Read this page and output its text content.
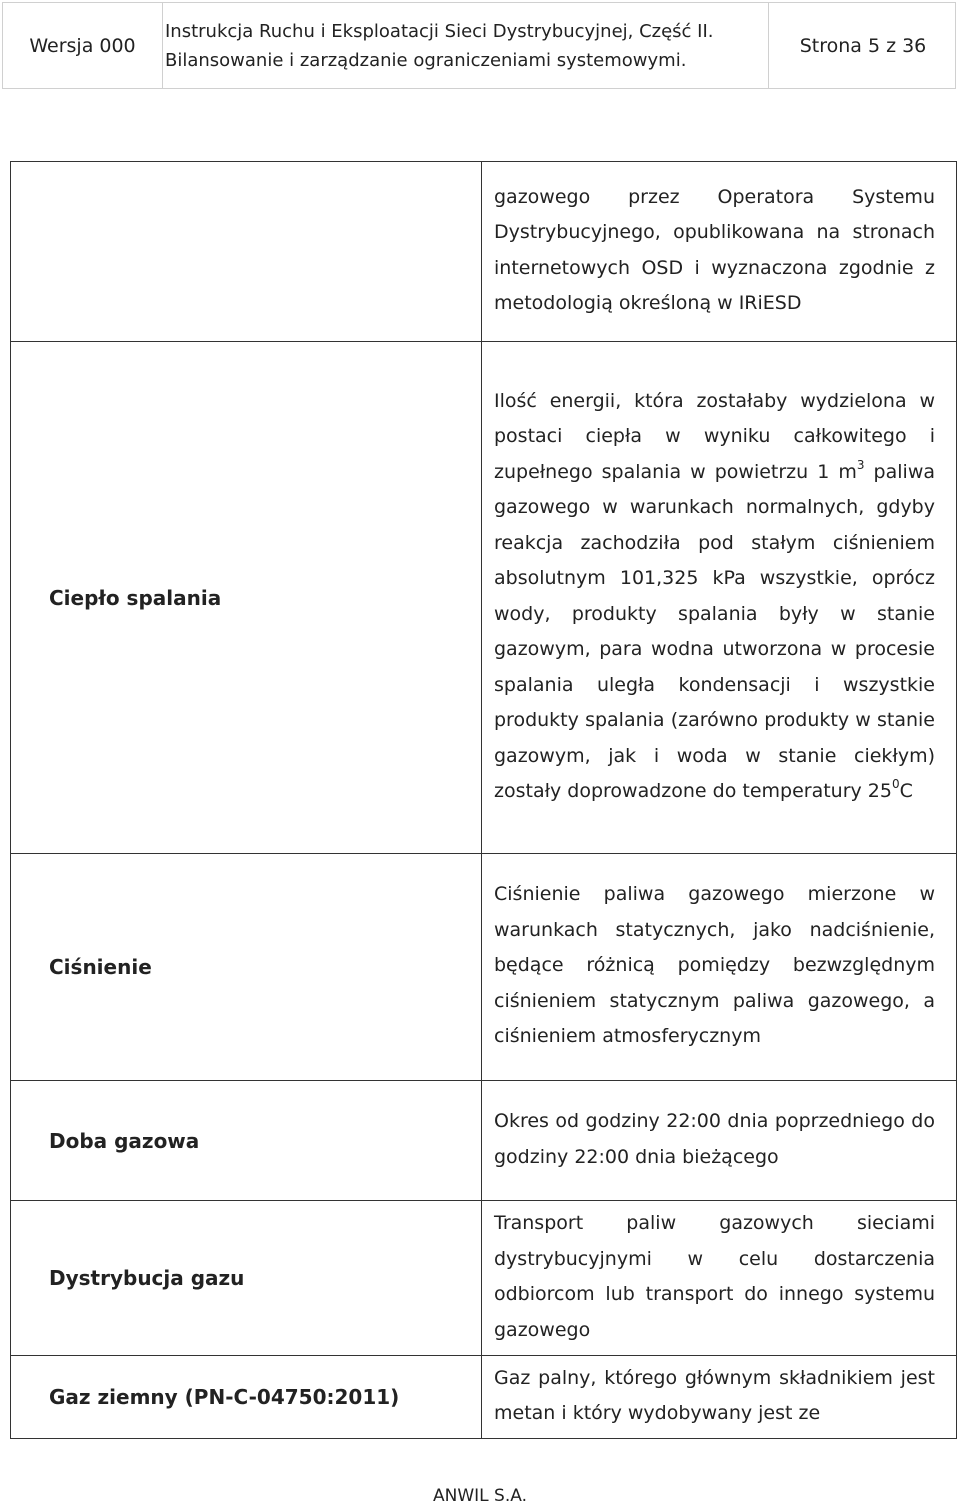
Wersja 000
Instrukcja Ruchu i Eksploatacji Sieci Dystrybucyjnej, Część II.
Bilansowanie i zarządzanie ograniczeniami systemowymi.
Strona 5 z 36

	gazowego przez Operatora Systemu Dystrybucyjnego, opublikowana na stronach internetowych OSD i wyznaczona zgodnie z metodologią określoną w IRiESD

Ciepło spalania	Ilość energii, która zostałaby wydzielona w postaci ciepła w wyniku całkowitego i zupełnego spalania w powietrzu 1 $m^3$ paliwa gazowego w warunkach normalnych, gdyby reakcja zachodziła pod stałym ciśnieniem absolutnym 101,325 kPa wszystkie, oprócz wody, produkty spalania były w stanie gazowym, para wodna utworzona w procesie spalania uległa kondensacji i wszystkie produkty spalania (zarówno produkty w stanie gazowym, jak i woda w stanie ciekłym) zostały doprowadzone do temperatury $25^0C$

Ciśnienie	Ciśnienie paliwa gazowego mierzone w warunkach statycznych, jako nadciśnienie, będące różnicą pomiędzy bezwzględnym ciśnieniem statycznym paliwa gazowego, a ciśnieniem atmosferycznym

Doba gazowa	Okres od godziny 22:00 dnia poprzedniego do godziny 22:00 dnia bieżącego

Dystrybucja gazu	Transport paliw gazowych sieciami dystrybucyjnymi w celu dostarczenia odbiorcom lub transport do innego systemu gazowego

Gaz ziemny (PN-C-04750:2011)	Gaz palny, którego głównym składnikiem jest metan i który wydobywany jest ze
ANWIL S.A.
